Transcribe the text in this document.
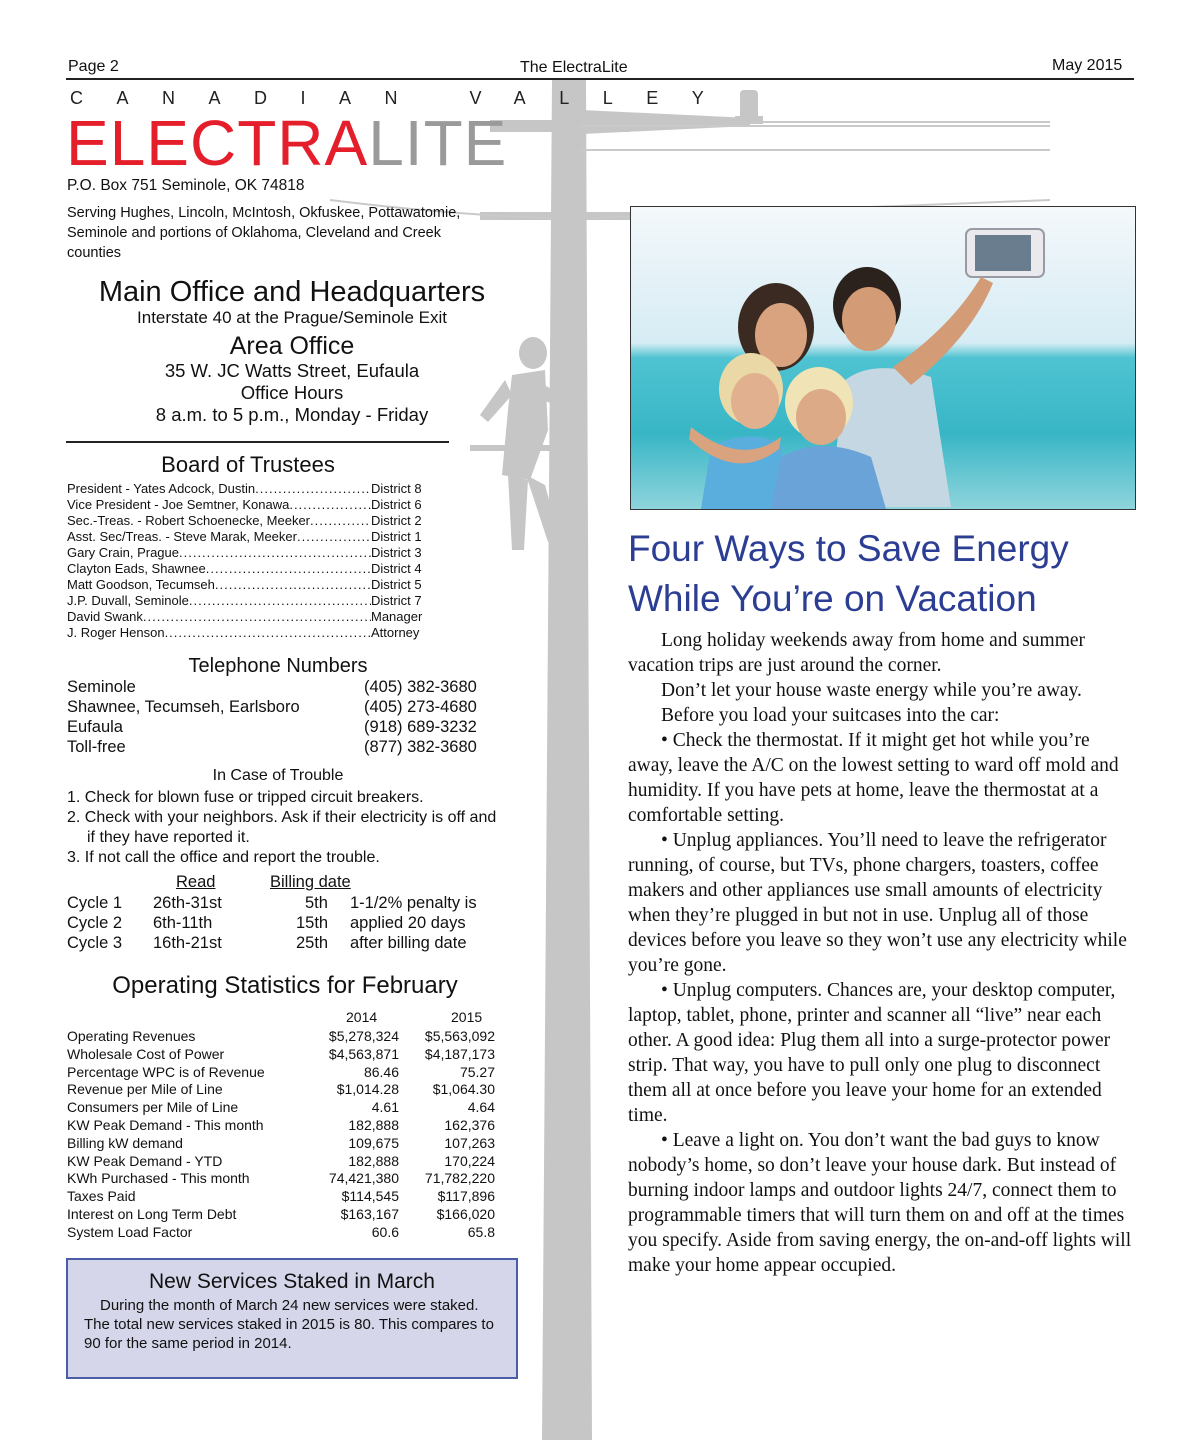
Page 2	The ElectraLite	May 2015
CANADIAN VALLEY
ELECTRALITE
P.O. Box 751 Seminole, OK 74818
Serving Hughes, Lincoln, McIntosh, Okfuskee, Pottawatomie, Seminole and portions of Oklahoma, Cleveland and Creek counties
Main Office and Headquarters
Interstate 40 at the Prague/Seminole Exit
Area Office
35 W. JC Watts Street, Eufaula
Office Hours
8 a.m. to 5 p.m., Monday - Friday
Board of Trustees
President - Yates Adcock, Dustin .....	District 8
Vice President - Joe Semtner, Konawa .....	District 6
Sec.-Treas. - Robert Schoenecke, Meeker .....	District 2
Asst. Sec/Treas. - Steve Marak, Meeker .....	District 1
Gary Crain, Prague .....	District 3
Clayton Eads, Shawnee .....	District 4
Matt Goodson, Tecumseh .....	District 5
J.P. Duvall, Seminole .....	District 7
David Swank .....	Manager
J. Roger Henson .....	Attorney
Telephone Numbers
Seminole	(405) 382-3680
Shawnee, Tecumseh, Earlsboro	(405) 273-4680
Eufaula	(918) 689-3232
Toll-free	(877) 382-3680
In Case of Trouble
1. Check for blown fuse or tripped circuit breakers.
2. Check with your neighbors. Ask if their electricity is off and if they have reported it.
3. If not call the office and report the trouble.
Read	Billing date
Cycle 1 26th-31st	5th 1-1/2% penalty is
Cycle 2 6th-11th	15th applied 20 days
Cycle 3 16th-21st	25th after billing date
Operating Statistics for February
2014	2015
Operating Revenues	$5,278,324 $5,563,092
Wholesale Cost of Power	$4,563,871 $4,187,173
Percentage WPC is of Revenue	86.46	75.27
Revenue per Mile of Line	$1,014.28 $1,064.30
Consumers per Mile of Line	4.61	4.64
KW Peak Demand - This month	182,888	162,376
Billing kW demand	109,675	107,263
KW Peak Demand - YTD	182,888	170,224
KWh Purchased - This month	74,421,380 71,782,220
Taxes Paid	$114,545	$117,896
Interest on Long Term Debt	$163,167	$166,020
System Load Factor	60.6	65.8
New Services Staked in March
During the month of March 24 new services were staked. The total new services staked in 2015 is 80. This compares to 90 for the same period in 2014.
Four Ways to Save Energy
While You’re on Vacation

Long holiday weekends away from home and summer vacation trips are just around the corner.

Don’t let your house waste energy while you’re away.

Before you load your suitcases into the car:

• Check the thermostat. If it might get hot while you’re away, leave the A/C on the lowest setting to ward off mold and humidity. If you have pets at home, leave the thermostat at a comfortable setting.

• Unplug appliances. You’ll need to leave the refrigerator running, of course, but TVs, phone chargers, toasters, coffee makers and other appliances use small amounts of electricity when they’re plugged in but not in use. Unplug all of those devices before you leave so they won’t use any electricity while you’re gone.

• Unplug computers. Chances are, your desktop computer, laptop, tablet, phone, printer and scanner all “live” near each other. A good idea: Plug them all into a surge-protector power strip. That way, you have to pull only one plug to disconnect them all at once before you leave your home for an extended time.

• Leave a light on. You don’t want the bad guys to know nobody’s home, so don’t leave your house dark. But instead of burning indoor lamps and outdoor lights 24/7, connect them to programmable timers that will turn them on and off at the times you specify. Aside from saving energy, the on-and-off lights will make your home appear occupied.
